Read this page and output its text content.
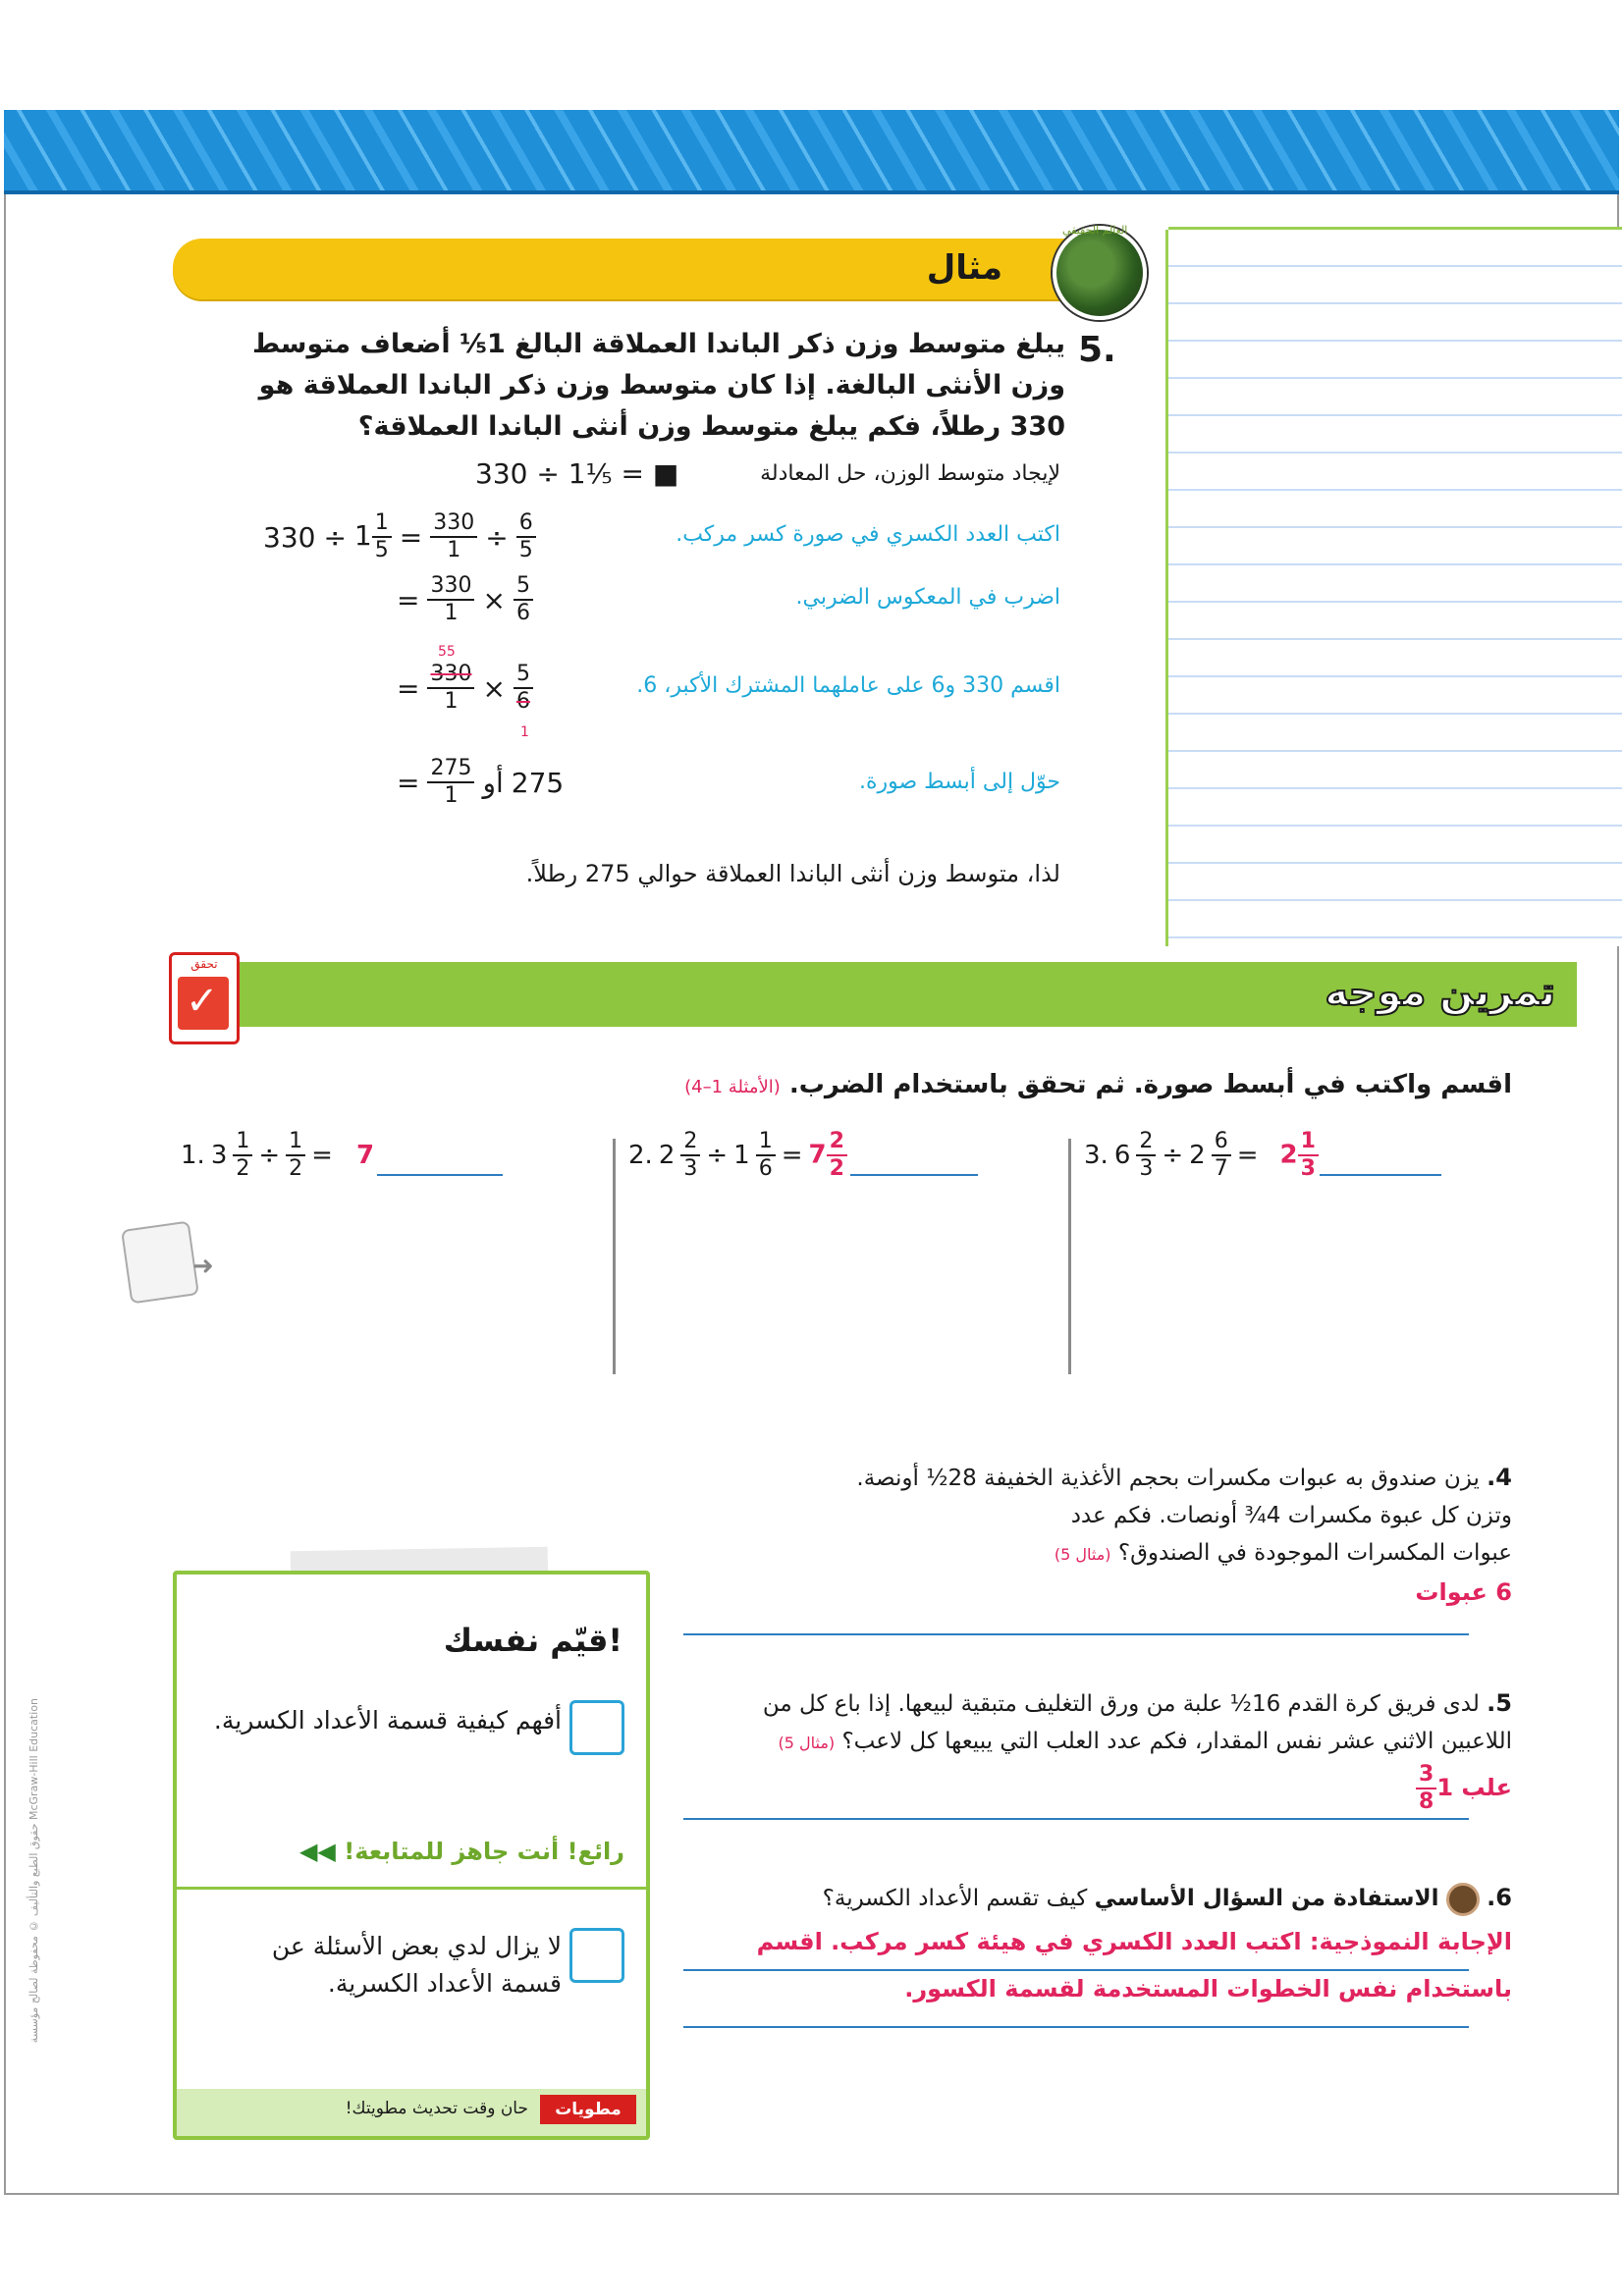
مثال
العالم الحقيقي
5.
يبلغ متوسط وزن ذكر الباندا العملاقة البالغ 1⅕ أضعاف متوسط وزن الأنثى البالغة. إذا كان متوسط وزن ذكر الباندا العملاقة هو 330 رطلاً، فكم يبلغ متوسط وزن أنثى الباندا العملاقة؟
لإيجاد متوسط الوزن، حل المعادلة
330 ÷ 1⅕ = ■
اكتب العدد الكسري في صورة كسر مركب.
$330 \div 1 \frac{1}{5} = \frac{330}{1} \div \frac{6}{5}$
اضرب في المعكوس الضربي.
= $\frac{330}{1} \times \frac{5}{6}$
اقسم 330 و6 على عاملهما المشترك الأكبر، 6.
55
1
= $\frac{330}{1} \times \frac{5}{6}$
حوّل إلى أبسط صورة.
= $\frac{275}{1}$ أو 275
لذا، متوسط وزن أنثى الباندا العملاقة حوالي 275 رطلاً.
تمرين موجه
تحقق
✓
اقسم واكتب في أبسط صورة. ثم تحقق باستخدام الضرب. (الأمثلة 1–4)
1. $3 \frac{1}{2} \div \frac{1}{2} = 7$	2. $2 \frac{2}{3} \div 1 \frac{1}{6} = 7 \frac{2}{2}$	3. $6 \frac{2}{3} \div 2 \frac{6}{7} = 2 \frac{1}{3}$
➜
4. يزن صندوق به عبوات مكسرات بحجم الأغذية الخفيفة 28½ أونصة.
وتزن كل عبوة مكسرات 4¾ أونصات. فكم عدد
عبوات المكسرات الموجودة في الصندوق؟ (مثال 5)
6 عبوات
5. لدى فريق كرة القدم 16½ علبة من ورق التغليف متبقية لبيعها. إذا باع كل من
اللاعبين الاثني عشر نفس المقدار، فكم عدد العلب التي يبيعها كل لاعب؟ (مثال 5)
علب 1
$\frac{3}{8}$
6.  الاستفادة من السؤال الأساسي كيف تقسم الأعداد الكسرية؟
الإجابة النموذجية: اكتب العدد الكسري في هيئة كسر مركب. اقسم
باستخدام نفس الخطوات المستخدمة لقسمة الكسور.
قيّم نفسك!
أفهم كيفية قسمة الأعداد الكسرية.
رائع! أنت جاهز للمتابعة! ◀◀
لا يزال لدي بعض الأسئلة عن قسمة الأعداد الكسرية.
مطويات
حان وقت تحديث مطويتك!
حقوق الطبع والتأليف © محفوظة لصالح مؤسسة McGraw-Hill Education
